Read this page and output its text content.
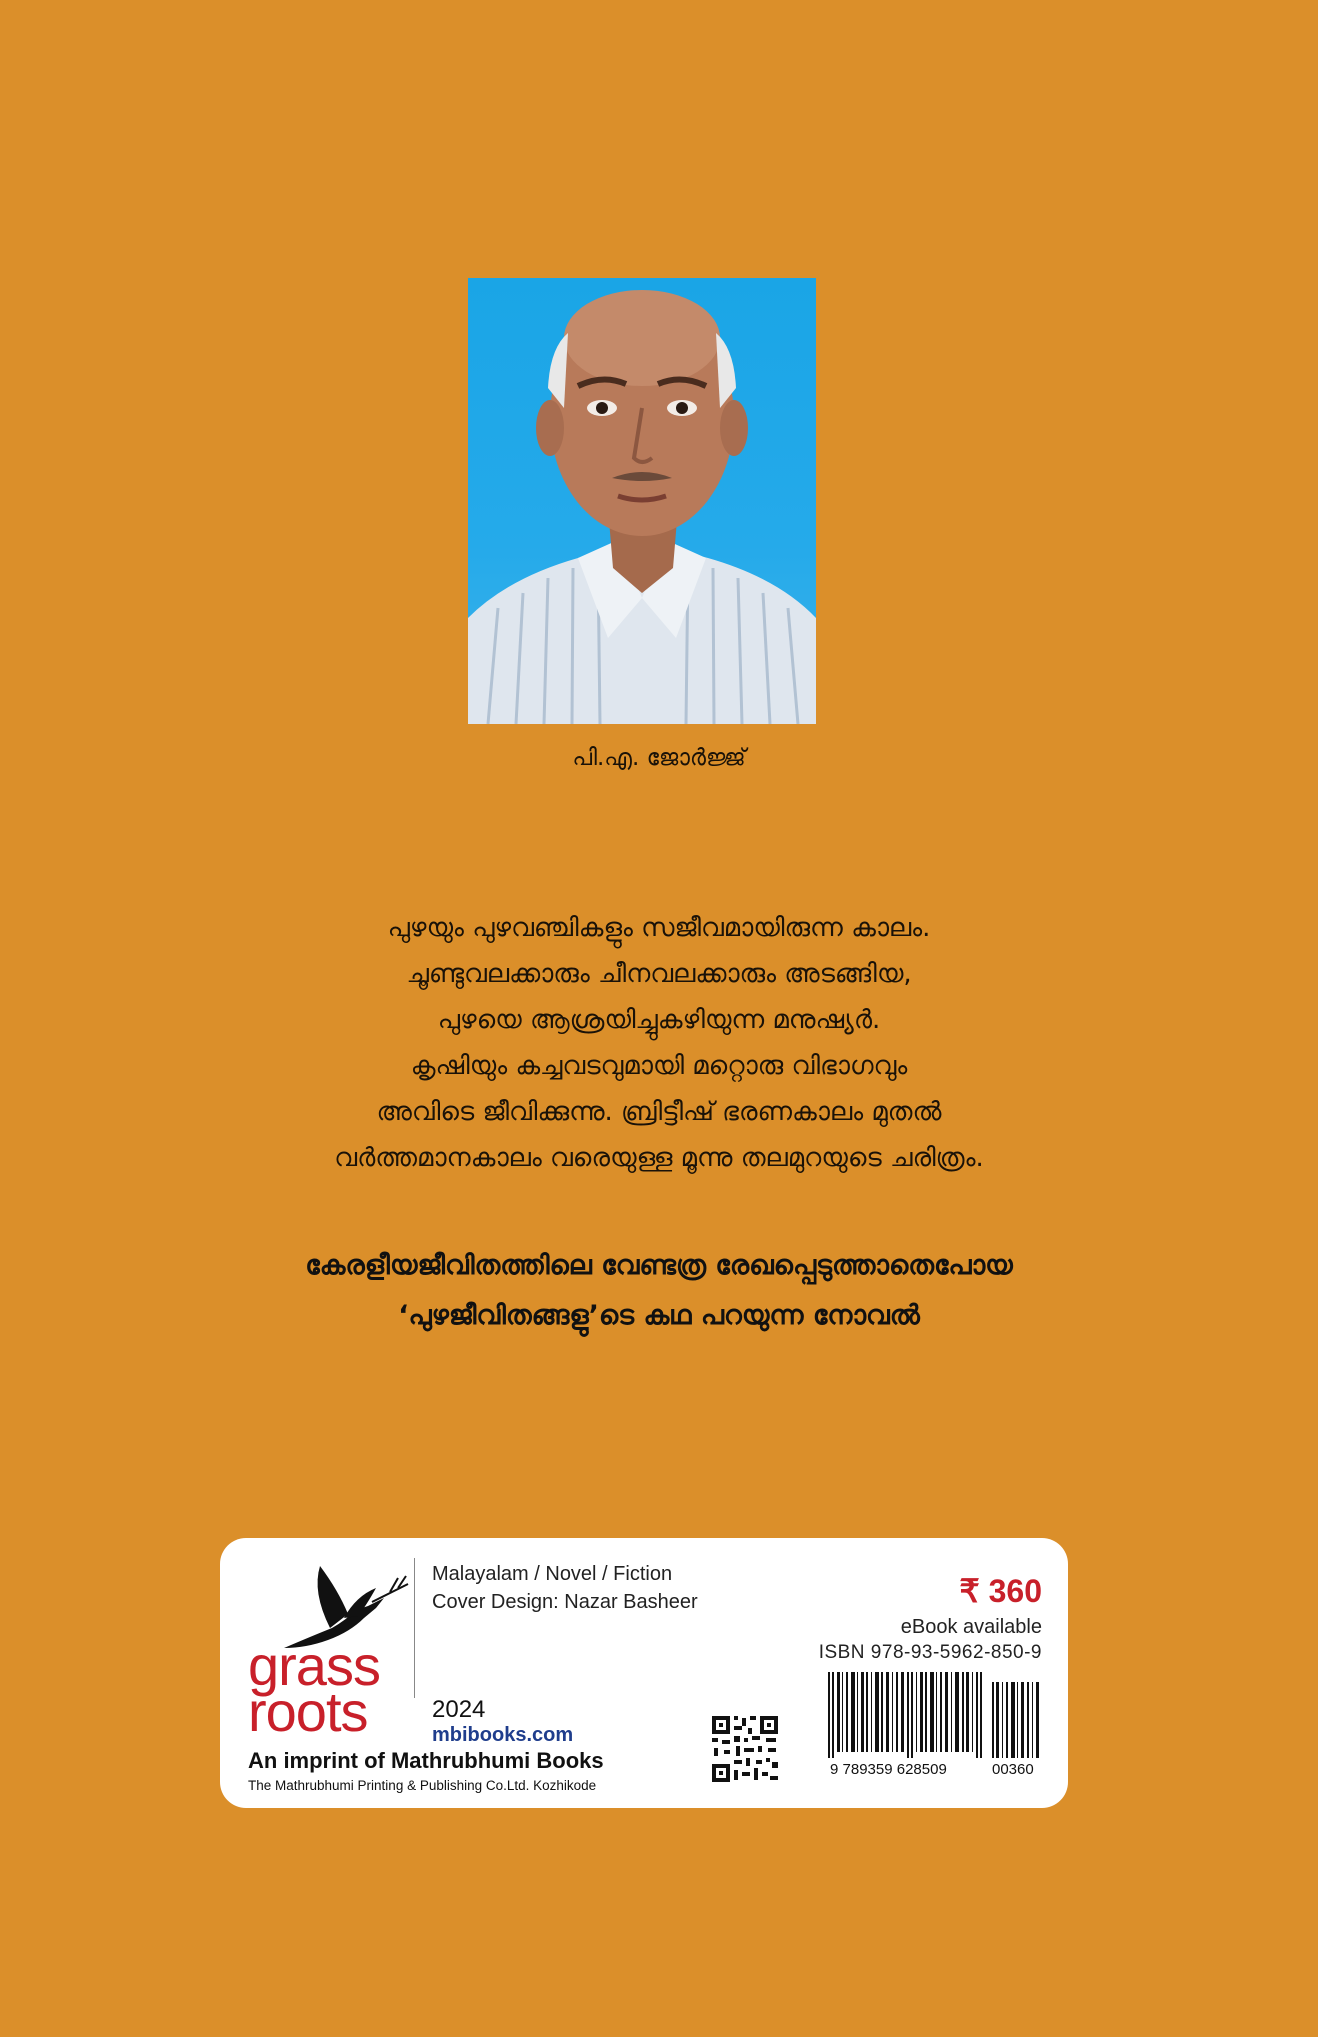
പി.എ. ജോർജ്ജ്
പുഴയും പുഴവഞ്ചികളും സജീവമായിരുന്ന കാലം.
ചൂണ്ടുവലക്കാരും ചീനവലക്കാരും അടങ്ങിയ,
പുഴയെ ആശ്രയിച്ചുകഴിയുന്ന മനുഷ്യർ.
കൃഷിയും കച്ചവടവുമായി മറ്റൊരു വിഭാഗവും
അവിടെ ജീവിക്കുന്നു. ബ്രിട്ടീഷ് ഭരണകാലം മുതൽ
വർത്തമാനകാലം വരെയുള്ള മൂന്നു തലമുറയുടെ ചരിത്രം.
കേരളീയജീവിതത്തിലെ വേണ്ടത്ര രേഖപ്പെടുത്താതെപോയ
‘പുഴജീവിതങ്ങളു’ടെ കഥ പറയുന്ന നോവൽ
grass
roots
An imprint of Mathrubhumi Books
The Mathrubhumi Printing & Publishing Co.Ltd. Kozhikode
Malayalam / Novel / Fiction
Cover Design: Nazar Basheer
2024
mbibooks.com
₹ 360
eBook available
ISBN 978-93-5962-850-9
9 789359 628509	00360
